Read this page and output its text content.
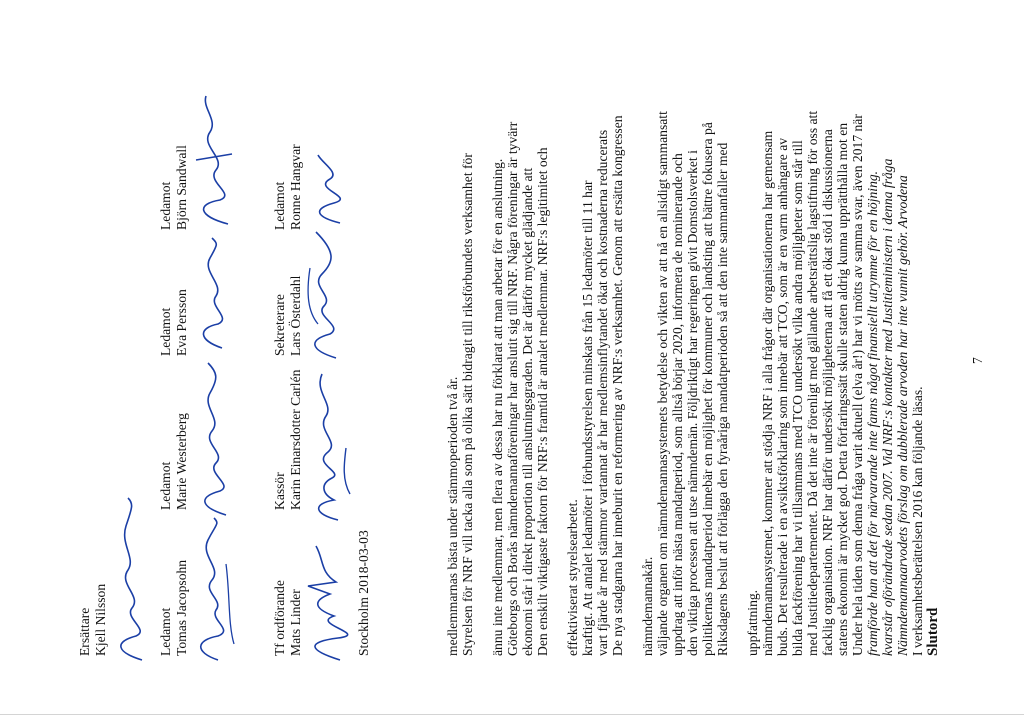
7
Slutord
I verksamhetsberättelsen 2016 kan följande läsas.
Nämndemannaarvodets förslag om dubblerade arvoden har inte vunnit gehör. Arvodena
kvarstår oförändrade sedan 2007. Vid NRF:s kontakter med Justitieministern i denna fråga
framförde han att det för närvarande inte fanns något finansiellt utrymme för en höjning.
Under hela tiden som denna fråga varit aktuell (elva år!) har vi mötts av samma svar, även 2017 när
statens ekonomi är mycket god. Detta förfaringssätt skulle staten aldrig kunna upprätthålla mot en
facklig organisation. NRF har därför undersökt möjligheterna att få ett ökat stöd i diskussionerna
med Justitiedepartementet. Då det inte är förenligt med gällande arbetsrättslig lagstiftning för oss att
bilda fackförening har vi tillsammans med TCO undersökt vilka andra möjligheter som står till
buds. Det resulterade i en avsiktsförklaring som innebär att TCO, som är en varm anhängare av
nämndemannasystemet, kommer att stödja NRF i alla frågor där organisationerna har gemensam
uppfattning.
Riksdagens beslut att förlägga den fyraåriga mandatperioden så att den inte sammanfaller med
politikernas mandatperiod innebär en möjlighet för kommuner och landsting att bättre fokusera på
den viktiga processen att utse nämndemän. Följdriktigt har regeringen givit Domstolsverket i
uppdrag att inför nästa mandatperiod, som alltså börjar 2020, informera de nominerande och
väljande organen om nämndemannasystemets betydelse och vikten av att nå en allsidigt sammansatt
nämndemannakår.
De nya stadgarna har inneburit en reformering av NRF:s verksamhet. Genom att ersätta kongressen
vart fjärde år med stämmor vartannat år har medlemsinflytandet ökat och kostnaderna reducerats
kraftigt. Att antalet ledamöter i förbundsstyrelsen minskats från 15 ledamöter till 11 har
effektiviserat styrelsearbetet.
Den enskilt viktigaste faktorn för NRF:s framtid är antalet medlemmar. NRF:s legitimitet och
ekonomi står i direkt proportion till anslutningsgraden. Det är därför mycket glädjande att
Göteborgs och Borås nämndemannaföreningar har anslutit sig till NRF. Några föreningar är tyvärr
ännu inte medlemmar, men flera av dessa har nu förklarat att man arbetar för en anslutning.
Styrelsen för NRF vill tacka alla som på olika sätt bidragit till riksförbundets verksamhet för
medlemmarnas bästa under stämmoperioden två år.
Stockholm 2018-03-03
Mats Linder
Tf ordförande
Karin Einarsdotter Carlén
Kassör
Lars Österdahl
Sekreterare
Ronne Hangvar
Ledamot
Tomas Jacopsohn
Ledamot
Marie Westerberg
Ledamot
Eva Persson
Ledamot
Björn Sandwall
Ledamot
Kjell Nilsson
Ersättare
